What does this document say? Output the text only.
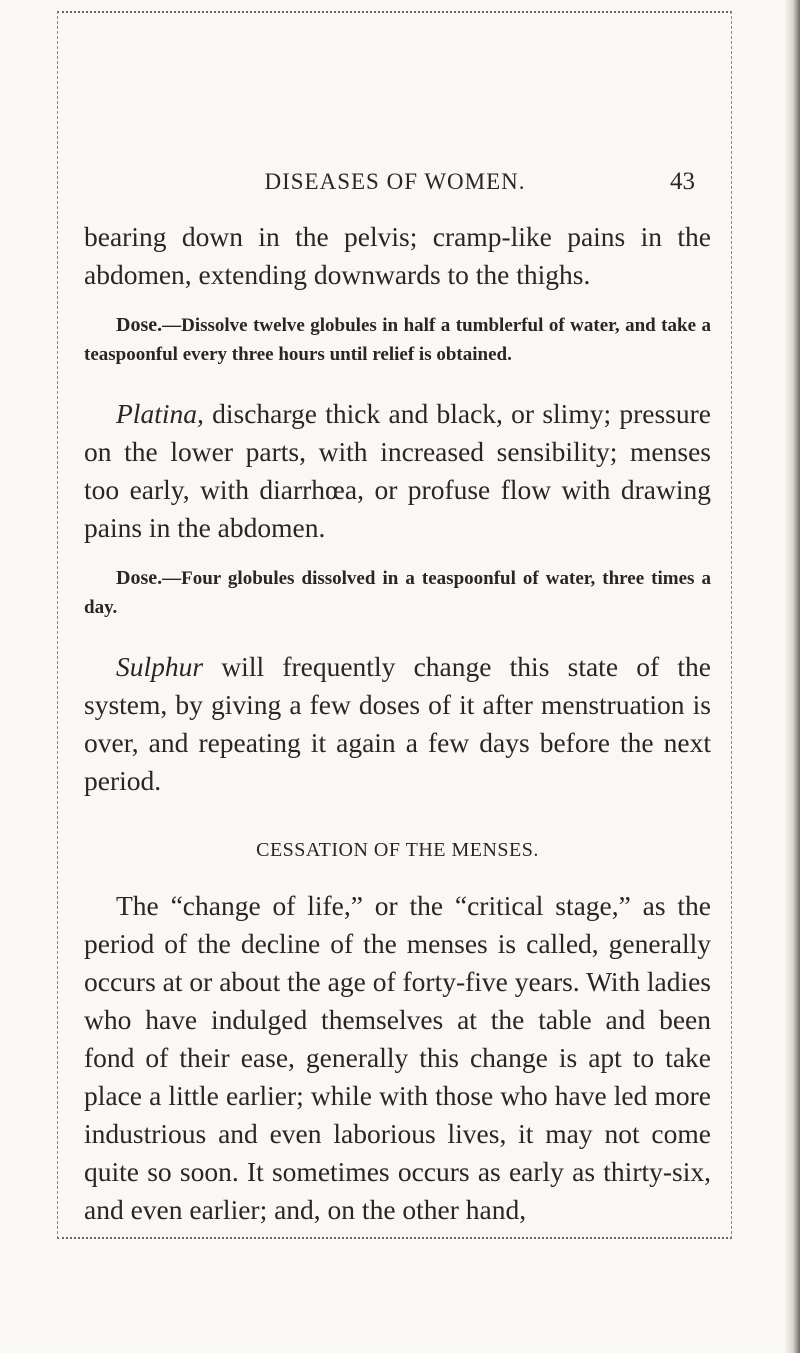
DISEASES OF WOMEN.	43

bearing down in the pelvis; cramp-like pains in the abdomen, extending downwards to the thighs.

Dose.—Dissolve twelve globules in half a tumblerful of water, and take a teaspoonful every three hours until relief is obtained.

Platina, discharge thick and black, or slimy; pressure on the lower parts, with increased sensibility; menses too early, with diarrhœa, or profuse flow with drawing pains in the abdomen.

Dose.—Four globules dissolved in a teaspoonful of water, three times a day.

Sulphur will frequently change this state of the system, by giving a few doses of it after menstruation is over, and repeating it again a few days before the next period.

CESSATION OF THE MENSES.

The “change of life,” or the “critical stage,” as the period of the decline of the menses is called, generally occurs at or about the age of forty-five years. With ladies who have indulged themselves at the table and been fond of their ease, generally this change is apt to take place a little earlier; while with those who have led more industrious and even laborious lives, it may not come quite so soon. It sometimes occurs as early as thirty-six, and even earlier; and, on the other hand,
